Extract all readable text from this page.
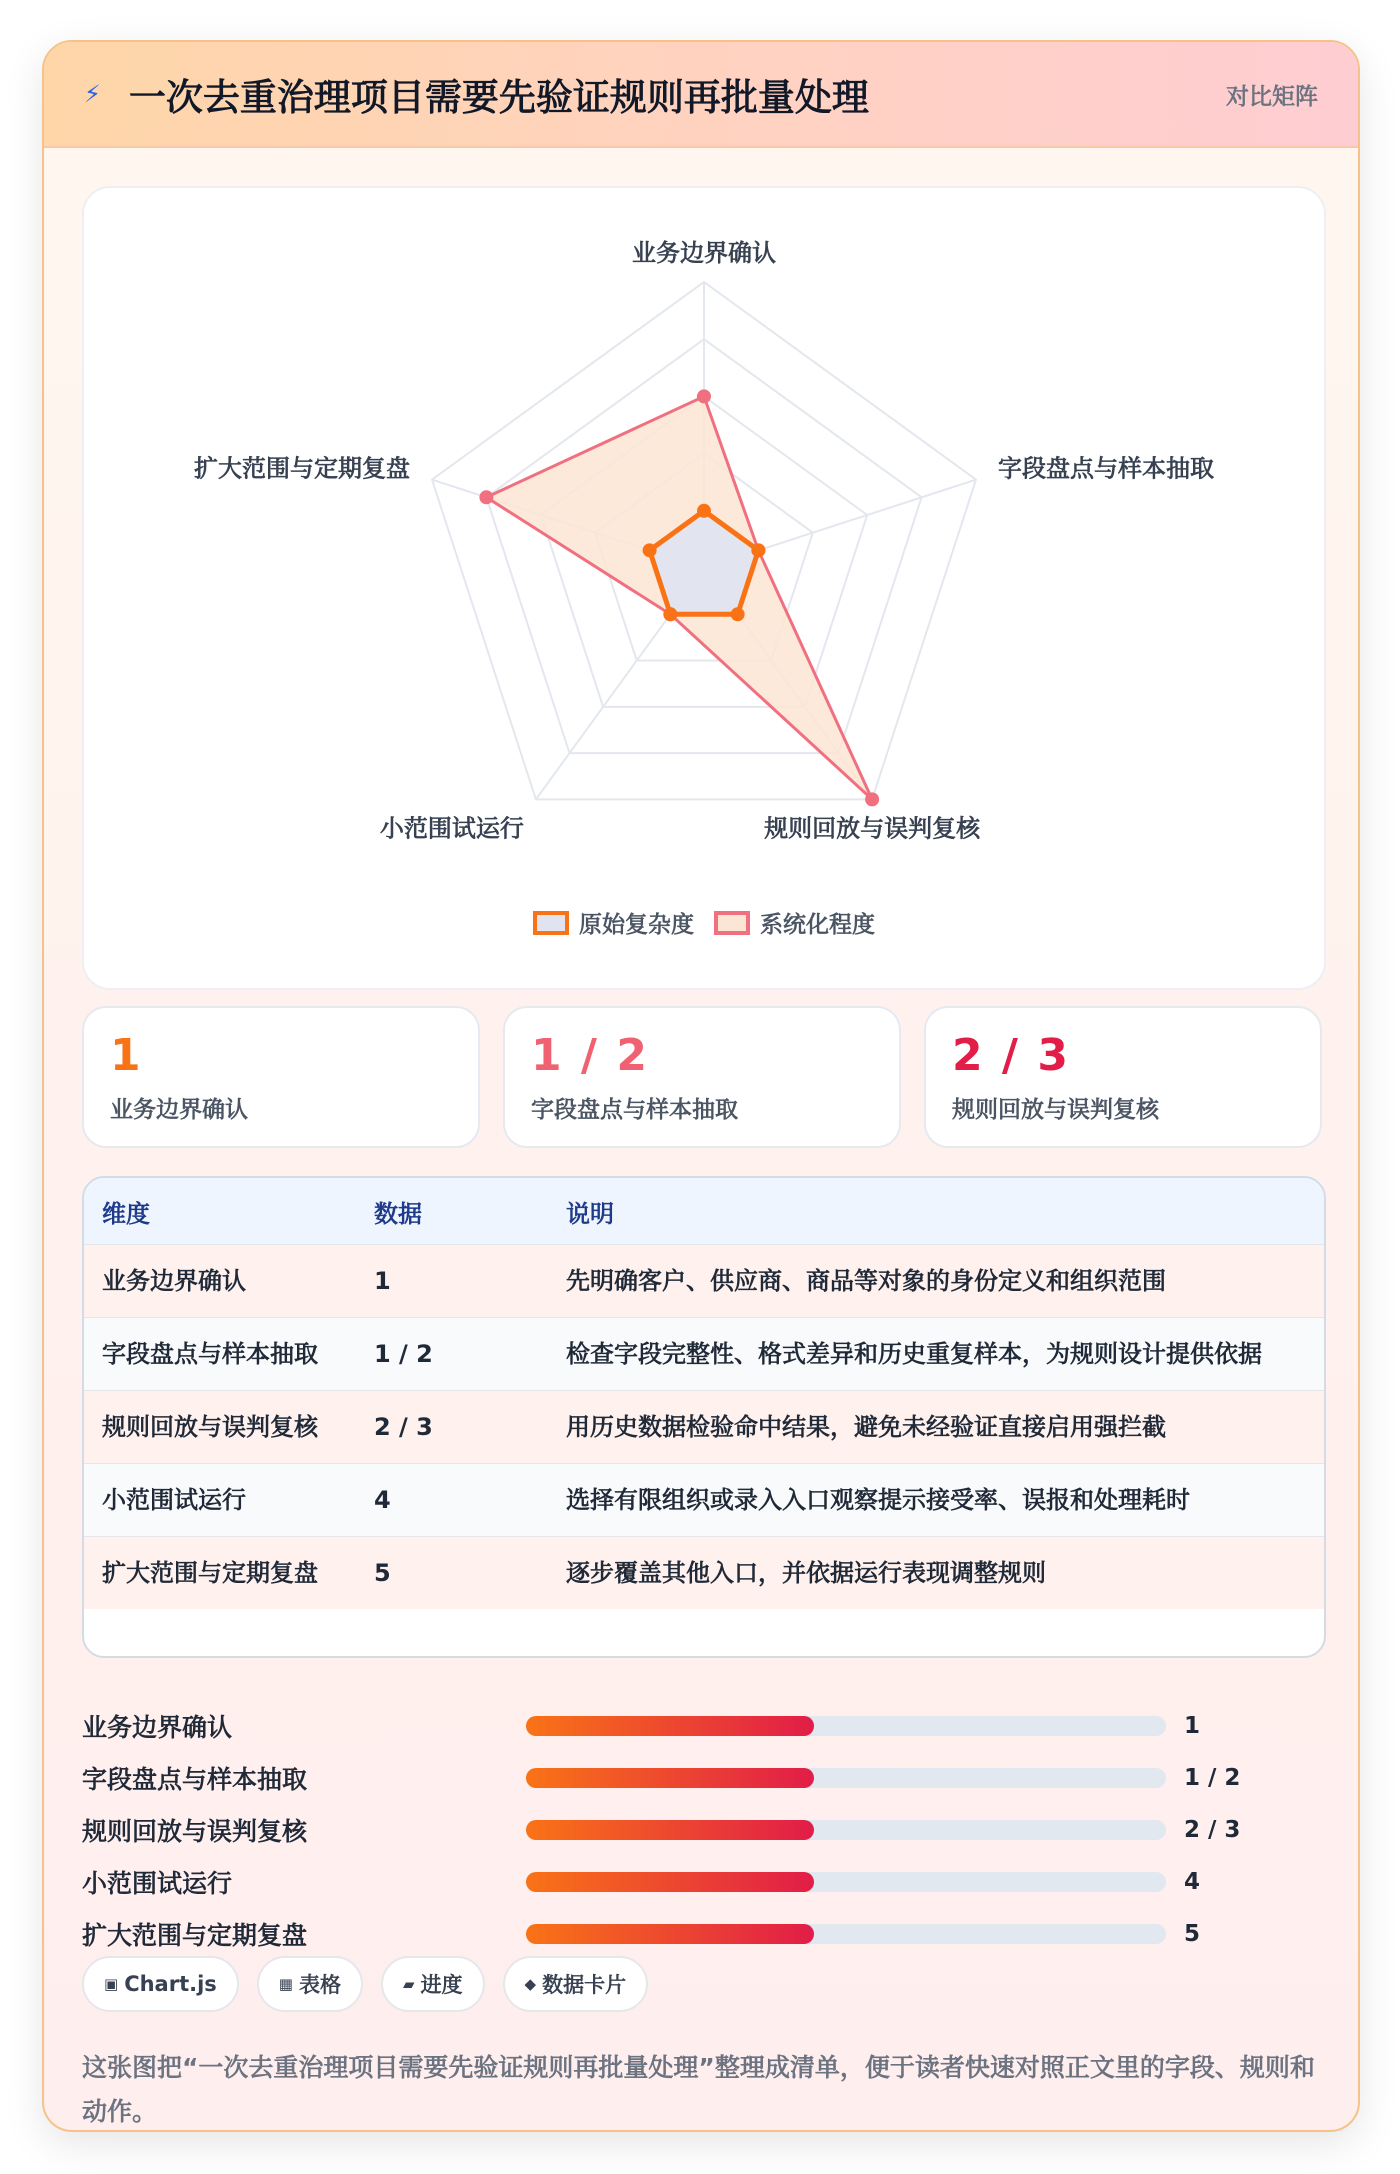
⚡ 一次去重治理项目需要先验证规则再批量处理	对比矩阵
业务边界确认
字段盘点与样本抽取
规则回放与误判复核
小范围试运行
扩大范围与定期复盘
原始复杂度	系统化程度
1
业务边界确认
1 / 2
字段盘点与样本抽取
2 / 3
规则回放与误判复核
维度	数据	说明
业务边界确认	1	先明确客户、供应商、商品等对象的身份定义和组织范围
字段盘点与样本抽取	1 / 2	检查字段完整性、格式差异和历史重复样本，为规则设计提供依据
规则回放与误判复核	2 / 3	用历史数据检验命中结果，避免未经验证直接启用强拦截
小范围试运行	4	选择有限组织或录入入口观察提示接受率、误报和处理耗时
扩大范围与定期复盘	5	逐步覆盖其他入口，并依据运行表现调整规则
业务边界确认	1
字段盘点与样本抽取	1 / 2
规则回放与误判复核	2 / 3
小范围试运行	4
扩大范围与定期复盘	5
▣ Chart.js	▦ 表格	▰ 进度	◆ 数据卡片
这张图把“一次去重治理项目需要先验证规则再批量处理”整理成清单，便于读者快速对照正文里的字段、规则和动作。
